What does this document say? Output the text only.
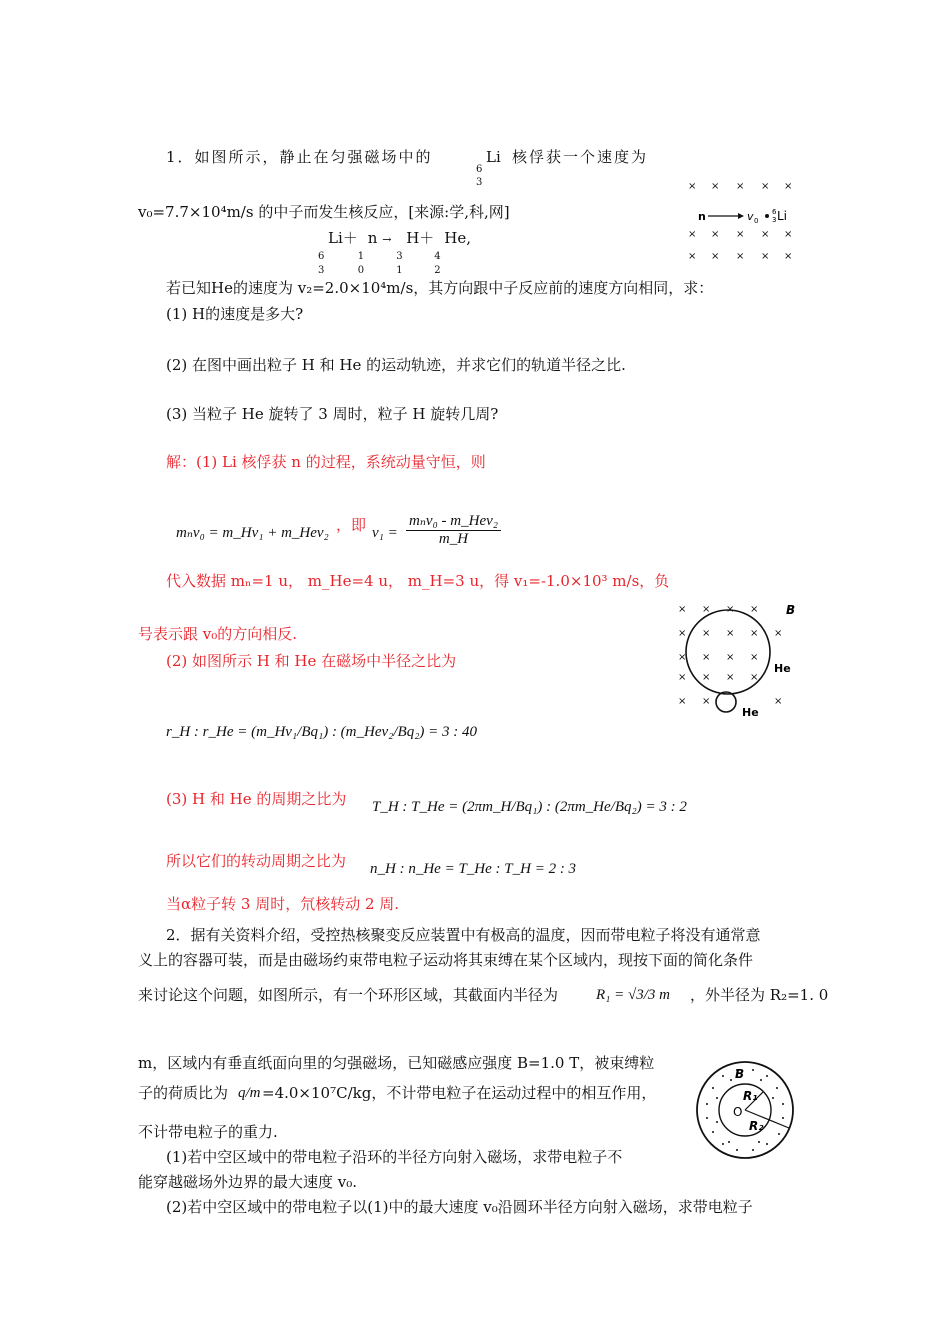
1．如图所示，静止在匀强磁场中的
6
3
Li 核俘获一个速度为
v₀=7.7×10⁴m/s 的中子而发生核反应，[来源:学,科,网]
6
3
Li＋
1
0
n →
3
1
H＋
4
2
He,
若已知He的速度为 v₂=2.0×10⁴m/s，其方向跟中子反应前的速度方向相同，求：
(1) H的速度是多大?
(2) 在图中画出粒子 H 和 He 的运动轨迹，并求它们的轨道半径之比.
(3) 当粒子 He 旋转了 3 周时，粒子 H 旋转几周?
× × × × ×
× × × × ×
× × × × ×
n	v 0
6
3 Li
解：(1) Li 核俘获 n 的过程，系统动量守恒，则
mₙv₀ = m_Hv₁ + m_Hev₂ ，即 v₁ =
mₙv₀ - m_Hev₂
m_H
代入数据 mₙ=1 u， m_He=4 u， m_H=3 u，得 v₁=-1.0×10³ m/s，负
号表示跟 v₀的方向相反.
(2) 如图所示 H 和 He 在磁场中半径之比为
r_H : r_He = (m_Hv₁/Bq₁) : (m_Hev₂/Bq₂) = 3 : 40
(3) H 和 He 的周期之比为 T_H : T_He = (2πm_H/Bq₁) : (2πm_He/Bq₂) = 3 : 2
所以它们的转动周期之比为 n_H : n_He = T_He : T_H = 2 : 3
当α粒子转 3 周时，氘核转动 2 周.
× × × ×
× × × × ×
× × × ×
× × × ×
× ×	×
B
He
He
2．据有关资料介绍，受控热核聚变反应装置中有极高的温度，因而带电粒子将没有通常意
义上的容器可装，而是由磁场约束带电粒子运动将其束缚在某个区域内，现按下面的简化条件
来讨论这个问题，如图所示，有一个环形区域，其截面内半径为	R₁ = √3/3 m ，外半径为 R₂=1. 0
m，区域内有垂直纸面向里的匀强磁场，已知磁感应强度 B=1.0 T，被束缚粒
子的荷质比为 q/m =4.0×10⁷C/kg，不计带电粒子在运动过程中的相互作用，
不计带电粒子的重力.
(1)若中空区域中的带电粒子沿环的半径方向射入磁场，求带电粒子不
能穿越磁场外边界的最大速度 v₀.
(2)若中空区域中的带电粒子以(1)中的最大速度 v₀沿圆环半径方向射入磁场，求带电粒子
B
R₁
R₂
O
